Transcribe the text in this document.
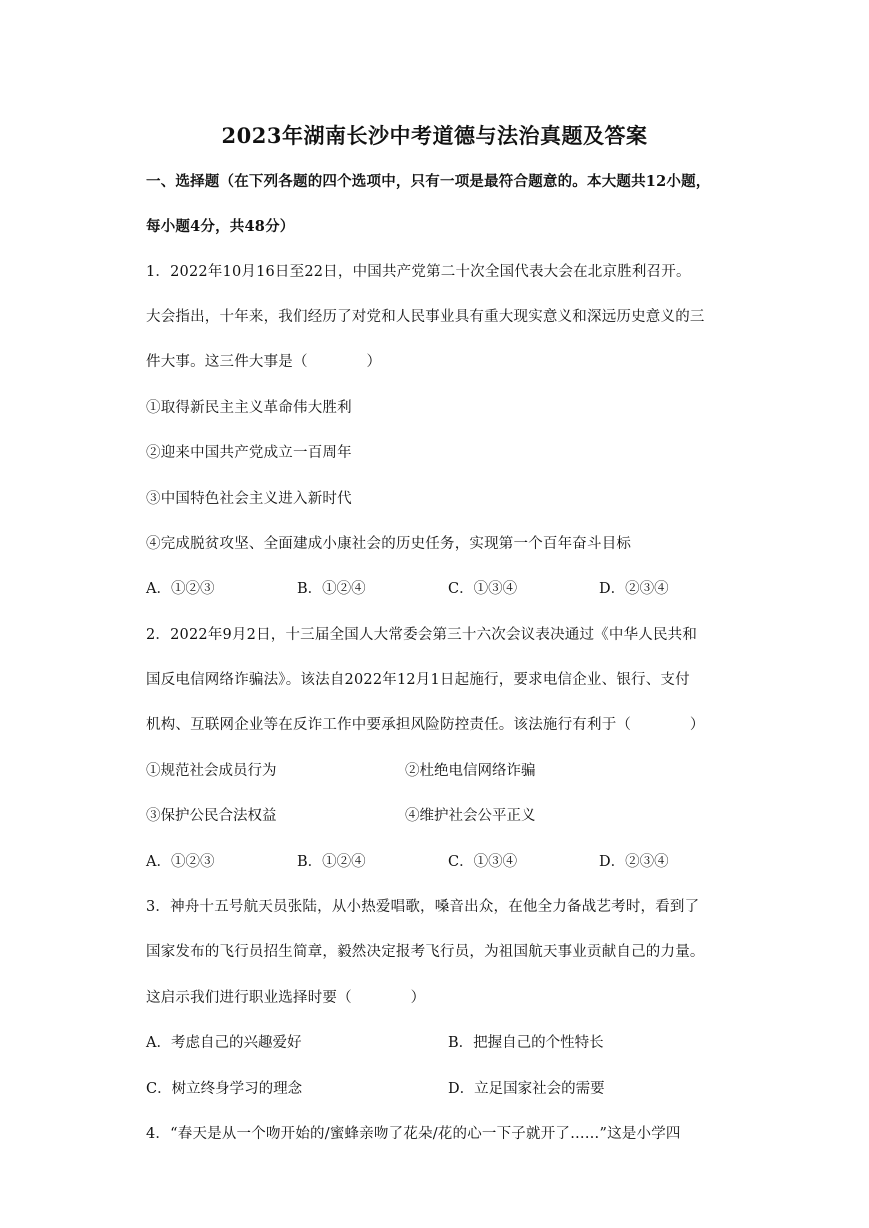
2023年湖南长沙中考道德与法治真题及答案
一、选择题（在下列各题的四个选项中，只有一项是最符合题意的。本大题共12小题，
每小题4分，共48分）
1．2022年10月16日至22日，中国共产党第二十次全国代表大会在北京胜利召开。
大会指出，十年来，我们经历了对党和人民事业具有重大现实意义和深远历史意义的三
件大事。这三件大事是（　　　　）
①取得新民主主义革命伟大胜利
②迎来中国共产党成立一百周年
③中国特色社会主义进入新时代
④完成脱贫攻坚、全面建成小康社会的历史任务，实现第一个百年奋斗目标
A．①②③	B．①②④	C．①③④	D．②③④
2．2022年9月2日，十三届全国人大常委会第三十六次会议表决通过《中华人民共和
国反电信网络诈骗法》。该法自2022年12月1日起施行，要求电信企业、银行、支付
机构、互联网企业等在反诈工作中要承担风险防控责任。该法施行有利于（　　　　）
①规范社会成员行为	②杜绝电信网络诈骗
③保护公民合法权益	④维护社会公平正义
A．①②③	B．①②④	C．①③④	D．②③④
3．神舟十五号航天员张陆，从小热爱唱歌，嗓音出众，在他全力备战艺考时，看到了
国家发布的飞行员招生简章，毅然决定报考飞行员，为祖国航天事业贡献自己的力量。
这启示我们进行职业选择时要（　　　　）
A．考虑自己的兴趣爱好	B．把握自己的个性特长
C．树立终身学习的理念	D．立足国家社会的需要
4．“春天是从一个吻开始的/蜜蜂亲吻了花朵/花的心一下子就开了……”这是小学四
